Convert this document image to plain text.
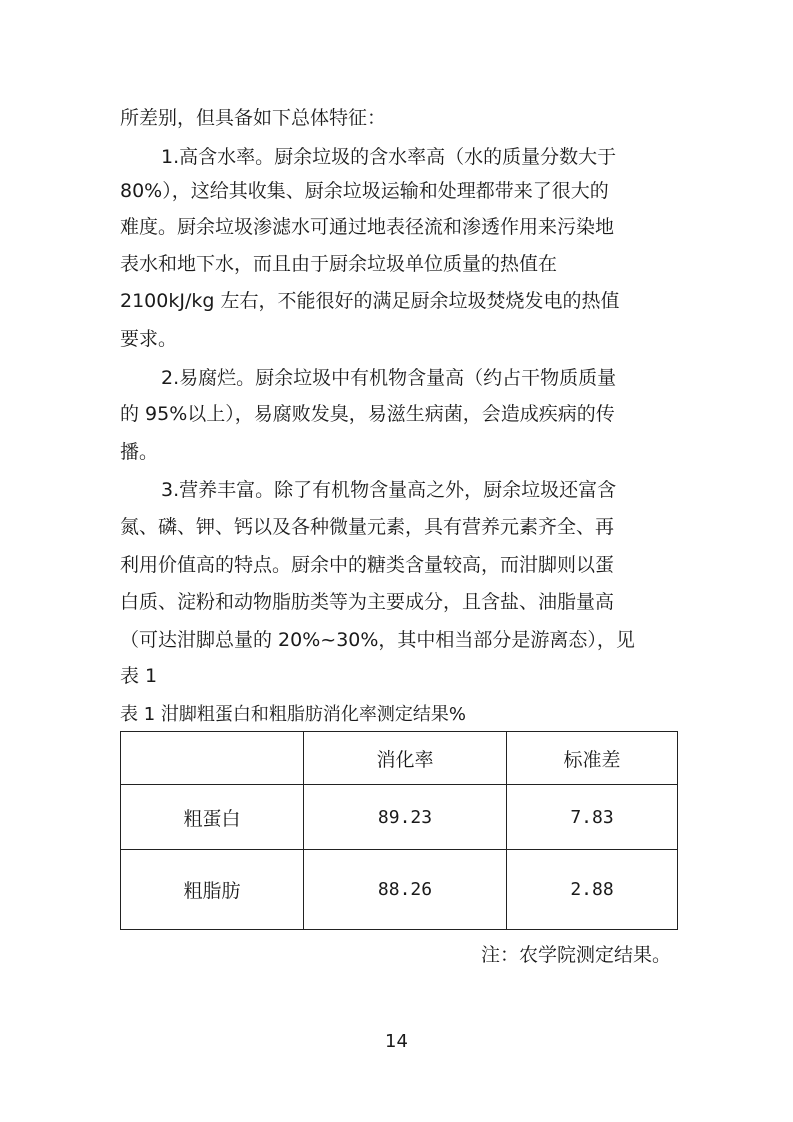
所差别，但具备如下总体特征：
1.高含水率。厨余垃圾的含水率高（水的质量分数大于
80%），这给其收集、厨余垃圾运输和处理都带来了很大的
难度。厨余垃圾渗滤水可通过地表径流和渗透作用来污染地
表水和地下水，而且由于厨余垃圾单位质量的热值在
2100kJ/kg 左右，不能很好的满足厨余垃圾焚烧发电的热值
要求。
2.易腐烂。厨余垃圾中有机物含量高（约占干物质质量
的 95%以上），易腐败发臭，易滋生病菌，会造成疾病的传
播。
3.营养丰富。除了有机物含量高之外，厨余垃圾还富含
氮、磷、钾、钙以及各种微量元素，具有营养元素齐全、再
利用价值高的特点。厨余中的糖类含量较高，而泔脚则以蛋
白质、淀粉和动物脂肪类等为主要成分，且含盐、油脂量高
（可达泔脚总量的 20%~30%，其中相当部分是游离态），见
表 1
表 1 泔脚粗蛋白和粗脂肪消化率测定结果%
	消化率	标准差
粗蛋白	89.23	7.83
粗脂肪	88.26	2.88
注：农学院测定结果。
14
